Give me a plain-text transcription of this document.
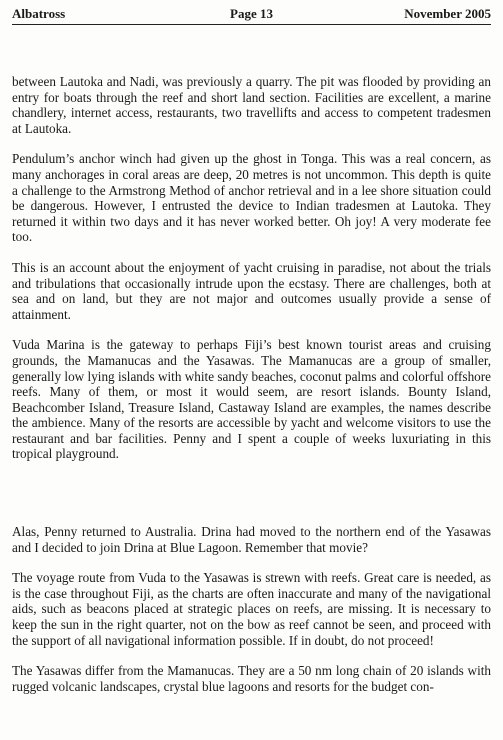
Albatross	Page 13	November 2005

between Lautoka and Nadi, was previously a quarry. The pit was flooded by providing an entry for boats through the reef and short land section. Facilities are excellent, a marine chandlery, internet access, restaurants, two travellifts and access to competent tradesmen at Lautoka.

Pendulum’s anchor winch had given up the ghost in Tonga. This was a real concern, as many anchorages in coral areas are deep, 20 metres is not uncommon. This depth is quite a challenge to the Armstrong Method of anchor retrieval and in a lee shore situation could be dangerous. However, I entrusted the device to Indian tradesmen at Lautoka. They returned it within two days and it has never worked better. Oh joy! A very moderate fee too.

This is an account about the enjoyment of yacht cruising in paradise, not about the trials and tribulations that occasionally intrude upon the ecstasy. There are challenges, both at sea and on land, but they are not major and outcomes usually provide a sense of attainment.

Vuda Marina is the gateway to perhaps Fiji’s best known tourist areas and cruising grounds, the Mamanucas and the Yasawas. The Mamanucas are a group of smaller, generally low lying islands with white sandy beaches, coconut palms and colorful offshore reefs. Many of them, or most it would seem, are resort islands. Bounty Island, Beachcomber Island, Treasure Island, Castaway Island are examples, the names describe the ambience. Many of the resorts are accessible by yacht and welcome visitors to use the restaurant and bar facilities. Penny and I spent a couple of weeks luxuriating in this tropical playground.

Alas, Penny returned to Australia. Drina had moved to the northern end of the Yasawas and I decided to join Drina at Blue Lagoon. Remember that movie?

The voyage route from Vuda to the Yasawas is strewn with reefs. Great care is needed, as is the case throughout Fiji, as the charts are often inaccurate and many of the navigational aids, such as beacons placed at strategic places on reefs, are missing. It is necessary to keep the sun in the right quarter, not on the bow as reef cannot be seen, and proceed with the support of all navigational information possible. If in doubt, do not proceed!

The Yasawas differ from the Mamanucas. They are a 50 nm long chain of 20 islands with rugged volcanic landscapes, crystal blue lagoons and resorts for the budget con-
